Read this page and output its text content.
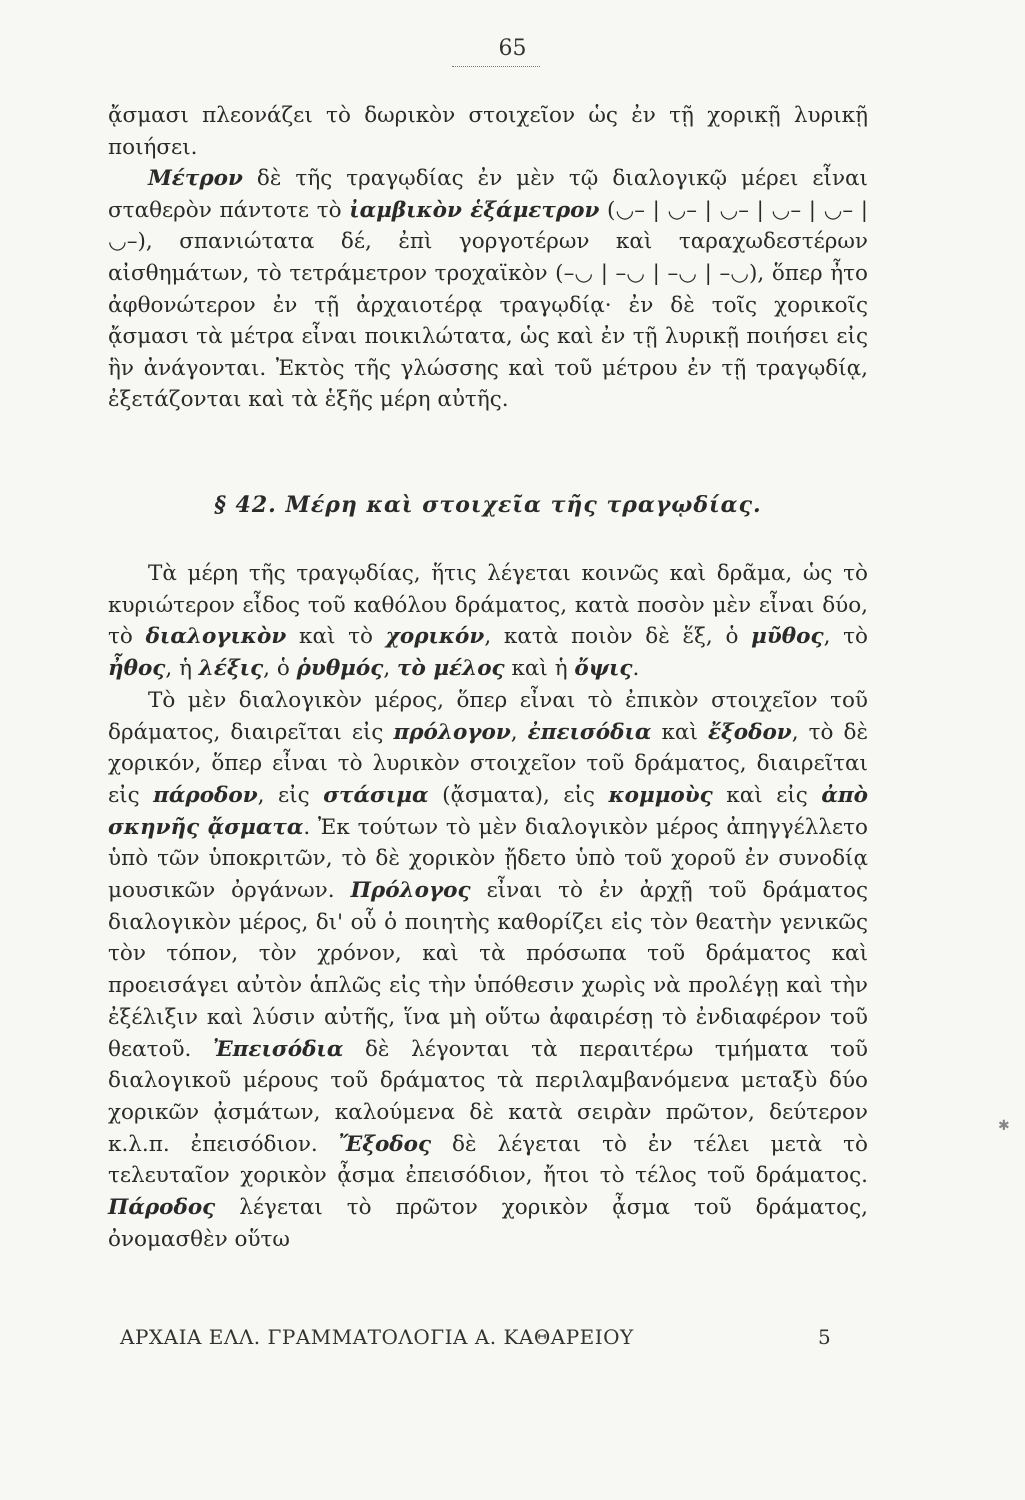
65

ᾄσμασι πλεονάζει τὸ δωρικὸν στοιχεῖον ὡς ἐν τῇ χορικῇ λυρικῇ ποιήσει.

Μέτρον δὲ τῆς τραγῳδίας ἐν μὲν τῷ διαλογικῷ μέρει εἶναι σταθερὸν πάντοτε τὸ ἰαμβικὸν ἑξάμετρον (◡– | ◡– | ◡– | ◡– | ◡– | ◡–), σπανιώτατα δέ, ἐπὶ γοργοτέρων καὶ ταραχωδεστέρων αἰσθημάτων, τὸ τετράμετρον τροχαϊκὸν (–◡ | –◡ | –◡ | –◡), ὅπερ ἦτο ἀφθονώτερον ἐν τῇ ἀρχαιοτέρᾳ τραγῳδίᾳ· ἐν δὲ τοῖς χορικοῖς ᾄσμασι τὰ μέτρα εἶναι ποικιλώτατα, ὡς καὶ ἐν τῇ λυρικῇ ποιήσει εἰς ἣν ἀνάγονται. Ἐκτὸς τῆς γλώσσης καὶ τοῦ μέτρου ἐν τῇ τραγῳδίᾳ, ἐξετάζονται καὶ τὰ ἑξῆς μέρη αὐτῆς.

§ 42. Μέρη καὶ στοιχεῖα τῆς τραγῳδίας.

Τὰ μέρη τῆς τραγῳδίας, ἥτις λέγεται κοινῶς καὶ δρᾶμα, ὡς τὸ κυριώτερον εἶδος τοῦ καθόλου δράματος, κατὰ ποσὸν μὲν εἶναι δύο, τὸ διαλογικὸν καὶ τὸ χορικόν, κατὰ ποιὸν δὲ ἕξ, ὁ μῦθος, τὸ ἦθος, ἡ λέξις, ὁ ῥυθμός, τὸ μέλος καὶ ἡ ὄψις.

Τὸ μὲν διαλογικὸν μέρος, ὅπερ εἶναι τὸ ἐπικὸν στοιχεῖον τοῦ δράματος, διαιρεῖται εἰς πρόλογον, ἐπεισόδια καὶ ἔξοδον, τὸ δὲ χορικόν, ὅπερ εἶναι τὸ λυρικὸν στοιχεῖον τοῦ δράματος, διαιρεῖται εἰς πάροδον, εἰς στάσιμα (ᾄσματα), εἰς κομμοὺς καὶ εἰς ἀπὸ σκηνῆς ᾄσματα. Ἐκ τούτων τὸ μὲν διαλογικὸν μέρος ἀπηγγέλλετο ὑπὸ τῶν ὑποκριτῶν, τὸ δὲ χορικὸν ᾔδετο ὑπὸ τοῦ χοροῦ ἐν συνοδίᾳ μουσικῶν ὀργάνων. Πρόλογος εἶναι τὸ ἐν ἀρχῇ τοῦ δράματος διαλογικὸν μέρος, δι' οὗ ὁ ποιητὴς καθορίζει εἰς τὸν θεατὴν γενικῶς τὸν τόπον, τὸν χρόνον, καὶ τὰ πρόσωπα τοῦ δράματος καὶ προεισάγει αὐτὸν ἁπλῶς εἰς τὴν ὑπόθεσιν χωρὶς νὰ προλέγῃ καὶ τὴν ἐξέλιξιν καὶ λύσιν αὐτῆς, ἵνα μὴ οὕτω ἀφαιρέσῃ τὸ ἐνδιαφέρον τοῦ θεατοῦ. Ἐπεισόδια δὲ λέγονται τὰ περαιτέρω τμήματα τοῦ διαλογικοῦ μέρους τοῦ δράματος τὰ περιλαμβανόμενα μεταξὺ δύο χορικῶν ᾀσμάτων, καλούμενα δὲ κατὰ σειρὰν πρῶτον, δεύτερον κ.λ.π. ἐπεισόδιον. Ἔξοδος δὲ λέγεται τὸ ἐν τέλει μετὰ τὸ τελευταῖον χορικὸν ᾆσμα ἐπεισόδιον, ἤτοι τὸ τέλος τοῦ δράματος. Πάροδος λέγεται τὸ πρῶτον χορικὸν ᾆσμα τοῦ δράματος, ὀνομασθὲν οὕτω

✱
ΑΡΧΑΙΑ ΕΛΛ. ΓΡΑΜΜΑΤΟΛΟΓΙΑ Α. ΚΑΘΑΡΕΙΟΥ	5
